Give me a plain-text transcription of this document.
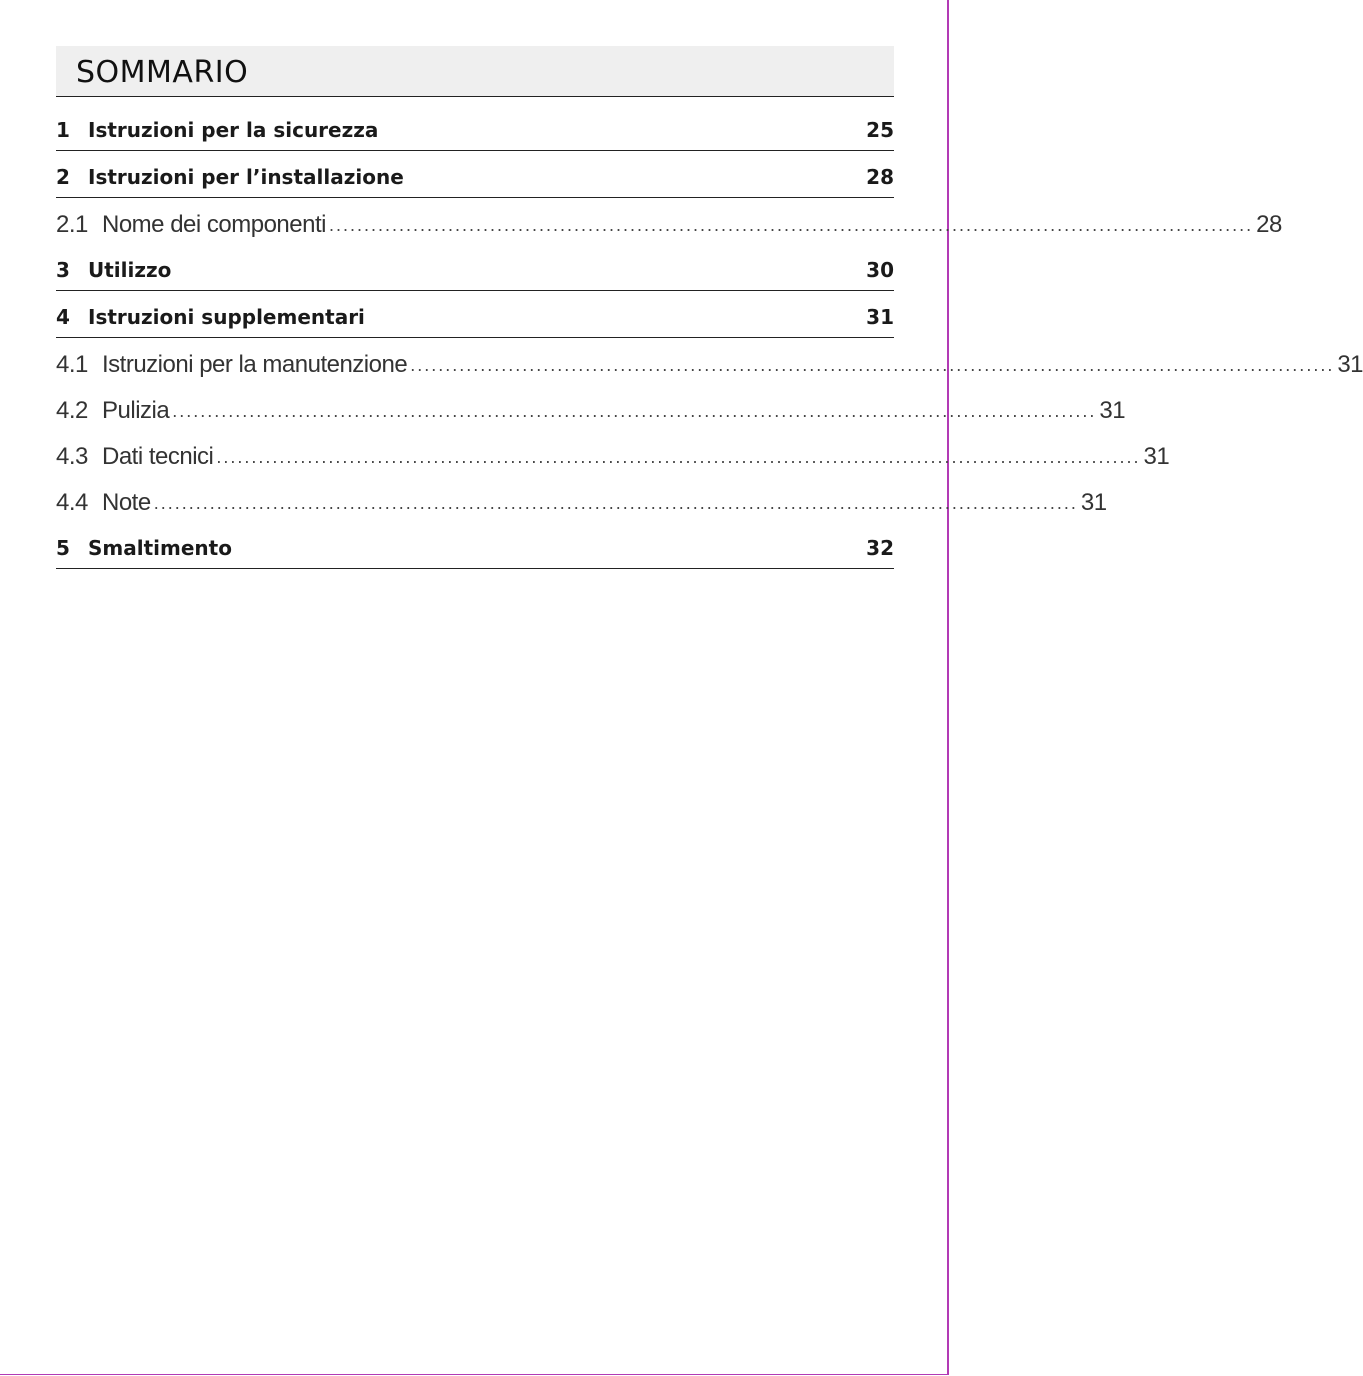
SOMMARIO
1 Istruzioni per la sicurezza	25
2 Istruzioni per l’installazione	28
2.1 Nome dei componenti .................................................................................................................................... 28
3 Utilizzo	30
4 Istruzioni supplementari	31
4.1 Istruzioni per la manutenzione .................................................................................................................................... 31
4.2 Pulizia .................................................................................................................................... 31
4.3 Dati tecnici .................................................................................................................................... 31
4.4 Note .................................................................................................................................... 31
5 Smaltimento	32
